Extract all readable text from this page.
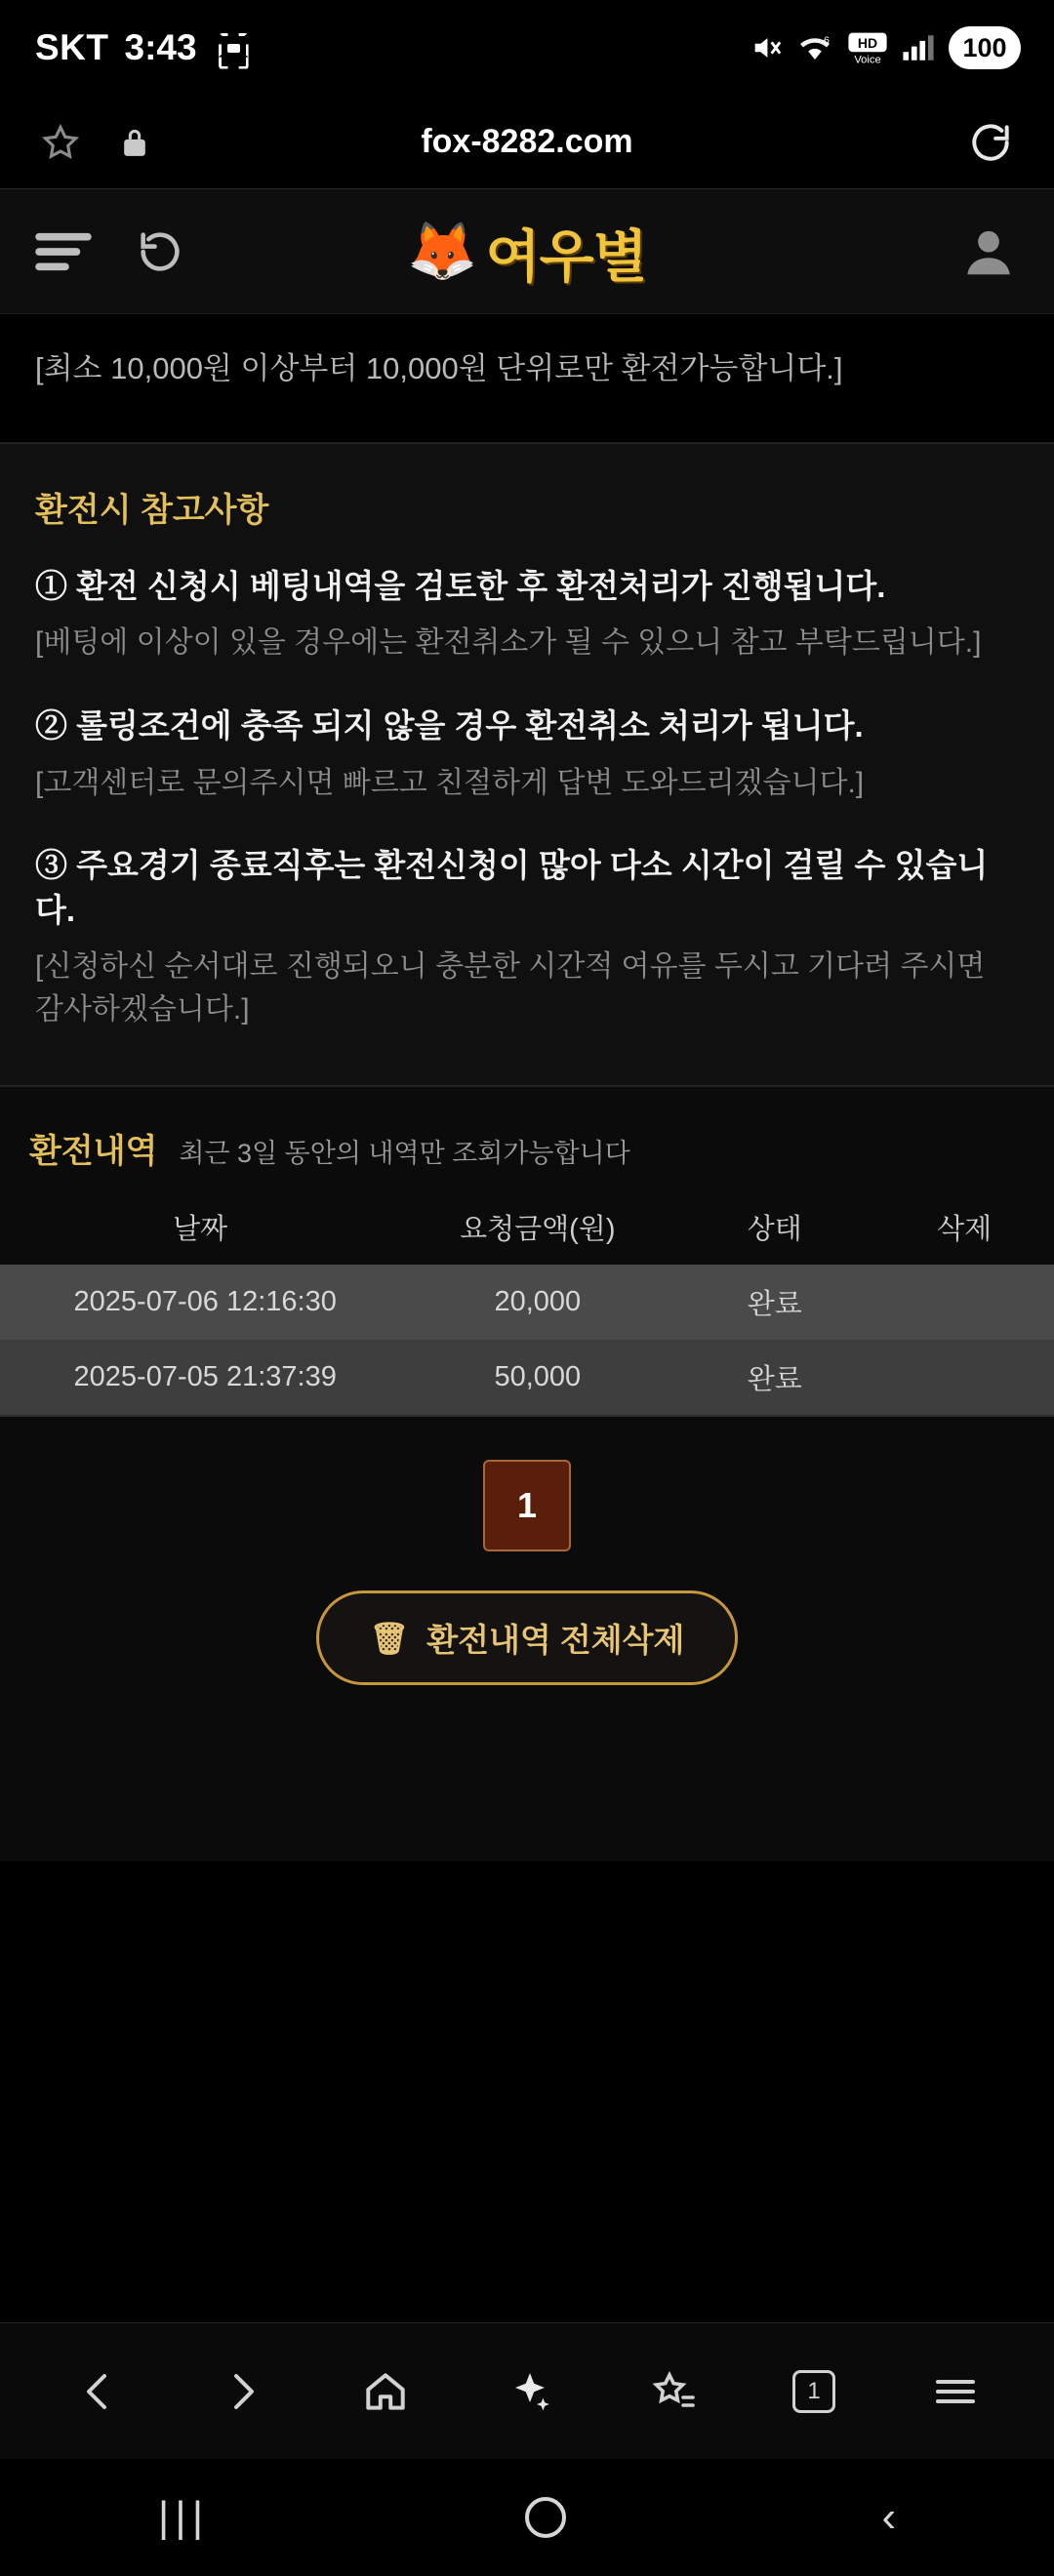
SKT 3:43	6	HD
Voice	100
fox-8282.com
🦊 여우별
[최소 10,000원 이상부터 10,000원 단위로만 환전가능합니다.]
환전시 참고사항
① 환전 신청시 베팅내역을 검토한 후 환전처리가 진행됩니다.
[베팅에 이상이 있을 경우에는 환전취소가 될 수 있으니 참고 부탁드립니다.]
② 롤링조건에 충족 되지 않을 경우 환전취소 처리가 됩니다.
[고객센터로 문의주시면 빠르고 친절하게 답변 도와드리겠습니다.]
③ 주요경기 종료직후는 환전신청이 많아 다소 시간이 걸릴 수 있습니다.
[신청하신 순서대로 진행되오니 충분한 시간적 여유를 두시고 기다려 주시면 감사하겠습니다.]
환전내역 최근 3일 동안의 내역만 조회가능합니다
날짜	요청금액(원)	상태	삭제
2025-07-06 12:16:30	20,000	완료	
2025-07-05 21:37:39	50,000	완료	
1
🗑 환전내역 전체삭제
1
|||	‹
